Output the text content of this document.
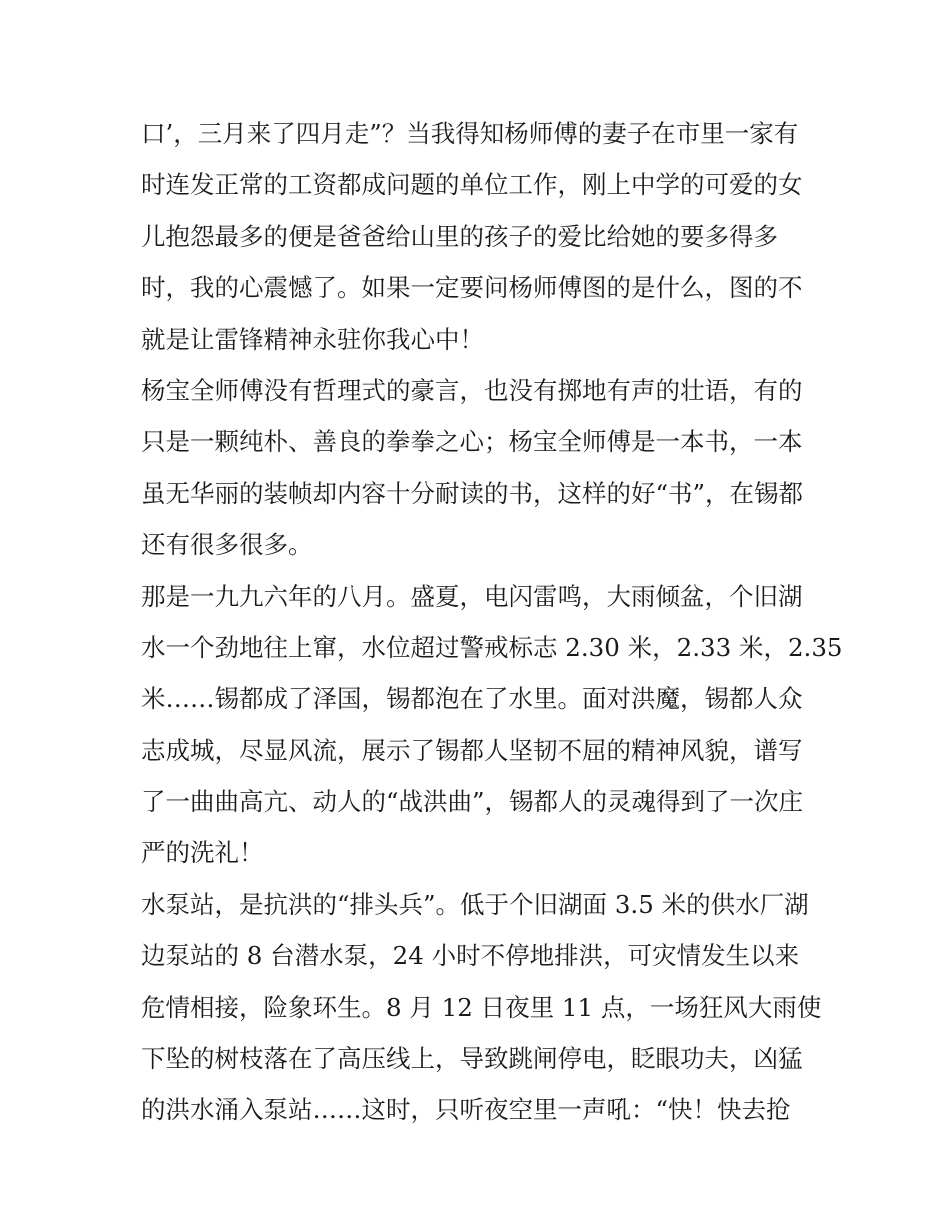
口’，三月来了四月走”？当我得知杨师傅的妻子在市里一家有
时连发正常的工资都成问题的单位工作，刚上中学的可爱的女
儿抱怨最多的便是爸爸给山里的孩子的爱比给她的要多得多
时，我的心震憾了。如果一定要问杨师傅图的是什么，图的不
就是让雷锋精神永驻你我心中！
杨宝全师傅没有哲理式的豪言，也没有掷地有声的壮语，有的
只是一颗纯朴、善良的拳拳之心；杨宝全师傅是一本书，一本
虽无华丽的装帧却内容十分耐读的书，这样的好“书”，在锡都
还有很多很多。
那是一九九六年的八月。盛夏，电闪雷鸣，大雨倾盆，个旧湖
水一个劲地往上窜，水位超过警戒标志 2.30 米，2.33 米，2.35
米……锡都成了泽国，锡都泡在了水里。面对洪魔，锡都人众
志成城，尽显风流，展示了锡都人坚韧不屈的精神风貌，谱写
了一曲曲高亢、动人的“战洪曲”，锡都人的灵魂得到了一次庄
严的洗礼！
水泵站，是抗洪的“排头兵”。低于个旧湖面 3.5 米的供水厂湖
边泵站的 8 台潜水泵，24 小时不停地排洪，可灾情发生以来
危情相接，险象环生。8 月 12 日夜里 11 点，一场狂风大雨使
下坠的树枝落在了高压线上，导致跳闸停电，眨眼功夫，凶猛
的洪水涌入泵站……这时，只听夜空里一声吼：“快！快去抢
